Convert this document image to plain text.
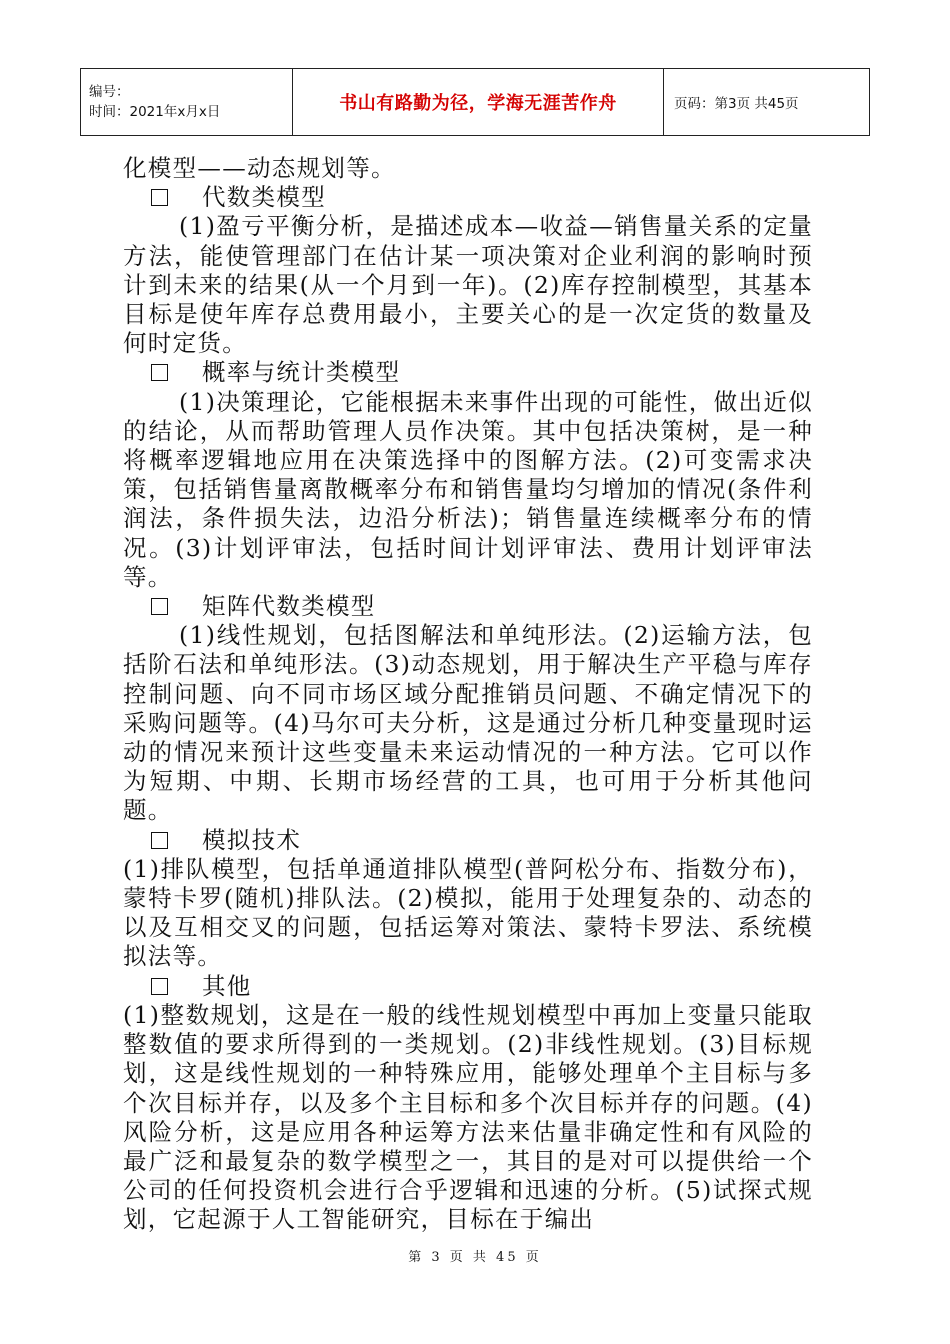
编号：
时间：2021年x月x日	书山有路勤为径，学海无涯苦作舟	页码：第3页 共45页

化模型——动态规划等。

代数类模型

(1)盈亏平衡分析，是描述成本—收益—销售量关系的定量方法，能使管理部门在估计某一项决策对企业利润的影响时预计到未来的结果(从一个月到一年)。(2)库存控制模型，其基本目标是使年库存总费用最小，主要关心的是一次定货的数量及何时定货。

概率与统计类模型

(1)决策理论，它能根据未来事件出现的可能性，做出近似的结论，从而帮助管理人员作决策。其中包括决策树，是一种将概率逻辑地应用在决策选择中的图解方法。(2)可变需求决策，包括销售量离散概率分布和销售量均匀增加的情况(条件利润法，条件损失法，边沿分析法)；销售量连续概率分布的情况。(3)计划评审法，包括时间计划评审法、费用计划评审法等。

矩阵代数类模型

(1)线性规划，包括图解法和单纯形法。(2)运输方法，包括阶石法和单纯形法。(3)动态规划，用于解决生产平稳与库存控制问题、向不同市场区域分配推销员问题、不确定情况下的采购问题等。(4)马尔可夫分析，这是通过分析几种变量现时运动的情况来预计这些变量未来运动情况的一种方法。它可以作为短期、中期、长期市场经营的工具，也可用于分析其他问题。

模拟技术

(1)排队模型，包括单通道排队模型(普阿松分布、指数分布)，蒙特卡罗(随机)排队法。(2)模拟，能用于处理复杂的、动态的以及互相交叉的问题，包括运筹对策法、蒙特卡罗法、系统模拟法等。

其他

(1)整数规划，这是在一般的线性规划模型中再加上变量只能取整数值的要求所得到的一类规划。(2)非线性规划。(3)目标规划，这是线性规划的一种特殊应用，能够处理单个主目标与多个次目标并存，以及多个主目标和多个次目标并存的问题。(4)风险分析，这是应用各种运筹方法来估量非确定性和有风险的最广泛和最复杂的数学模型之一，其目的是对可以提供给一个公司的任何投资机会进行合乎逻辑和迅速的分析。(5)试探式规划，它起源于人工智能研究，目标在于编出

第 3 页 共 45 页
